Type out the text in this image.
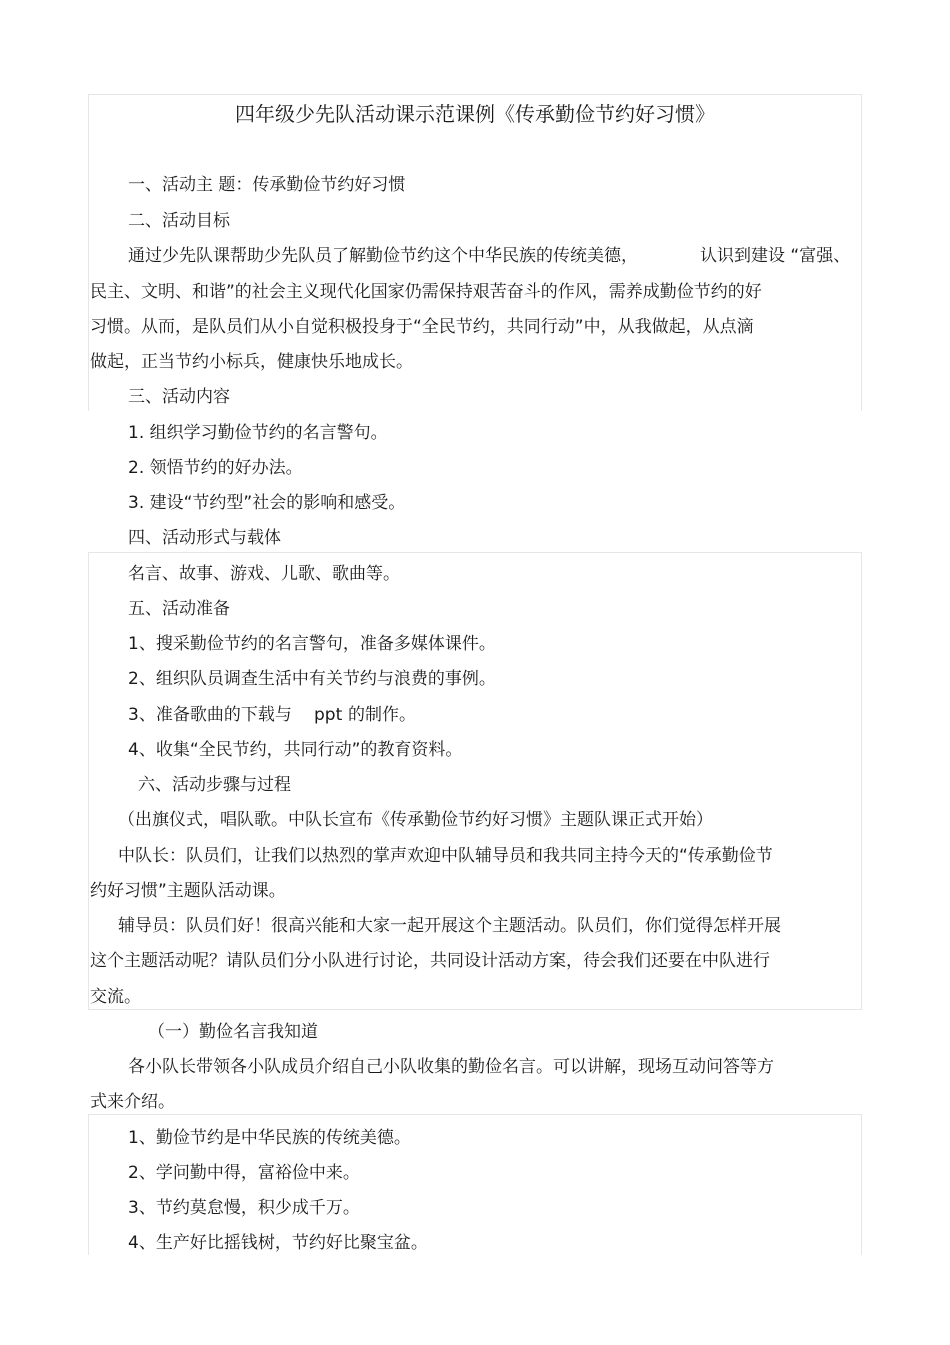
四年级少先队活动课示范课例《传承勤俭节约好习惯》
一、活动主 题：传承勤俭节约好习惯
二、活动目标
通过少先队课帮助少先队员了解勤俭节约这个中华民族的传统美德，	认识到建设 “富强、
民主、文明、和谐”的社会主义现代化国家仍需保持艰苦奋斗的作风，需养成勤俭节约的好
习惯。从而，是队员们从小自觉积极投身于“全民节约，共同行动”中，从我做起，从点滴
做起，正当节约小标兵，健康快乐地成长。
三、活动内容
1. 组织学习勤俭节约的名言警句。
2. 领悟节约的好办法。
3. 建设“节约型”社会的影响和感受。
四、活动形式与载体
名言、故事、游戏、儿歌、歌曲等。
五、活动准备
1、搜采勤俭节约的名言警句，准备多媒体课件。
2、组织队员调查生活中有关节约与浪费的事例。
3、准备歌曲的下载与 ppt 的制作。
4、收集“全民节约，共同行动”的教育资料。
六、活动步骤与过程
（出旗仪式，唱队歌。中队长宣布《传承勤俭节约好习惯》主题队课正式开始）
中队长：队员们，让我们以热烈的掌声欢迎中队辅导员和我共同主持今天的“传承勤俭节
约好习惯”主题队活动课。
辅导员：队员们好！很高兴能和大家一起开展这个主题活动。队员们，你们觉得怎样开展
这个主题活动呢？请队员们分小队进行讨论，共同设计活动方案，待会我们还要在中队进行
交流。
（一）勤俭名言我知道
各小队长带领各小队成员介绍自己小队收集的勤俭名言。可以讲解，现场互动问答等方
式来介绍。
1、勤俭节约是中华民族的传统美德。
2、学问勤中得，富裕俭中来。
3、节约莫怠慢，积少成千万。
4、生产好比摇钱树，节约好比聚宝盆。
